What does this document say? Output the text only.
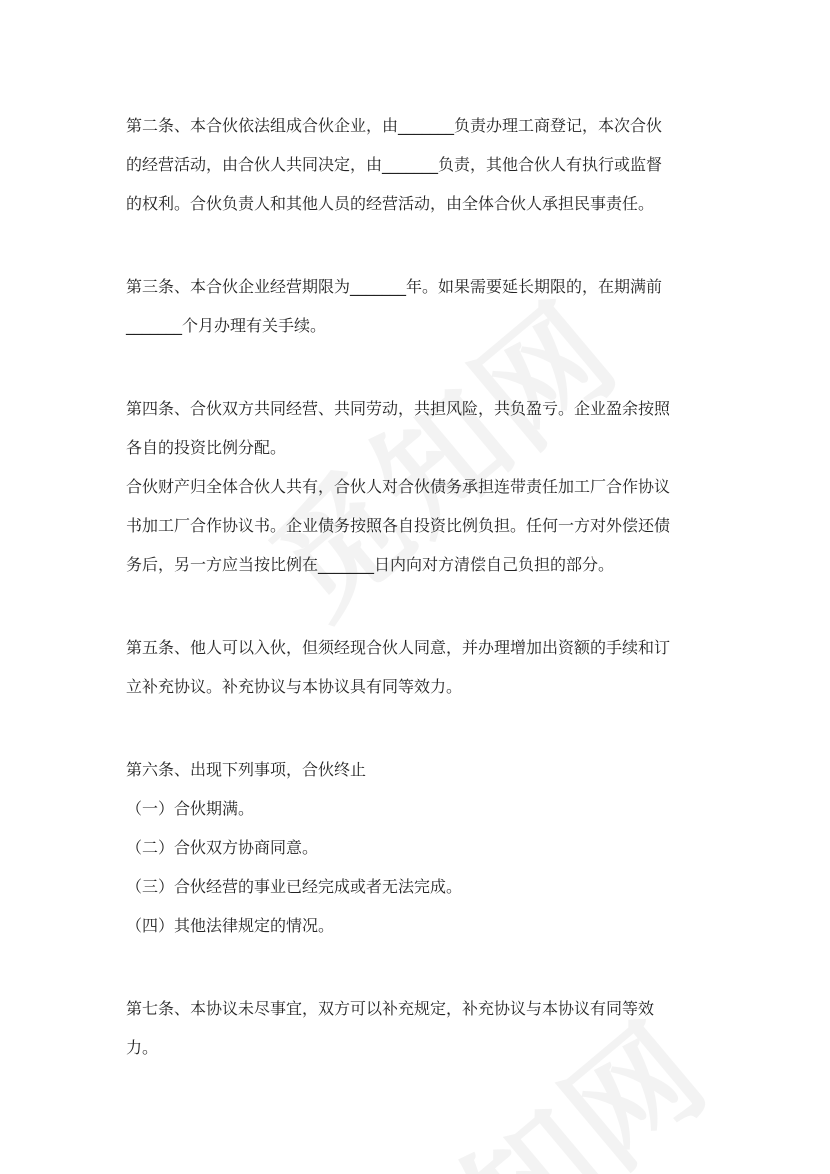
第二条、本合伙依法组成合伙企业，由_______负责办理工商登记，本次合伙

的经营活动，由合伙人共同决定，由_______负责，其他合伙人有执行或监督

的权利。合伙负责人和其他人员的经营活动，由全体合伙人承担民事责任。

第三条、本合伙企业经营期限为_______年。如果需要延长期限的，在期满前

_______个月办理有关手续。

第四条、合伙双方共同经营、共同劳动，共担风险，共负盈亏。企业盈余按照

各自的投资比例分配。

合伙财产归全体合伙人共有，合伙人对合伙债务承担连带责任加工厂合作协议

书加工厂合作协议书。企业债务按照各自投资比例负担。任何一方对外偿还债

务后，另一方应当按比例在_______日内向对方清偿自己负担的部分。

第五条、他人可以入伙，但须经现合伙人同意，并办理增加出资额的手续和订

立补充协议。补充协议与本协议具有同等效力。

第六条、出现下列事项，合伙终止

（一）合伙期满。

（二）合伙双方协商同意。

（三）合伙经营的事业已经完成或者无法完成。

（四）其他法律规定的情况。

第七条、本协议未尽事宜，双方可以补充规定，补充协议与本协议有同等效

力。
